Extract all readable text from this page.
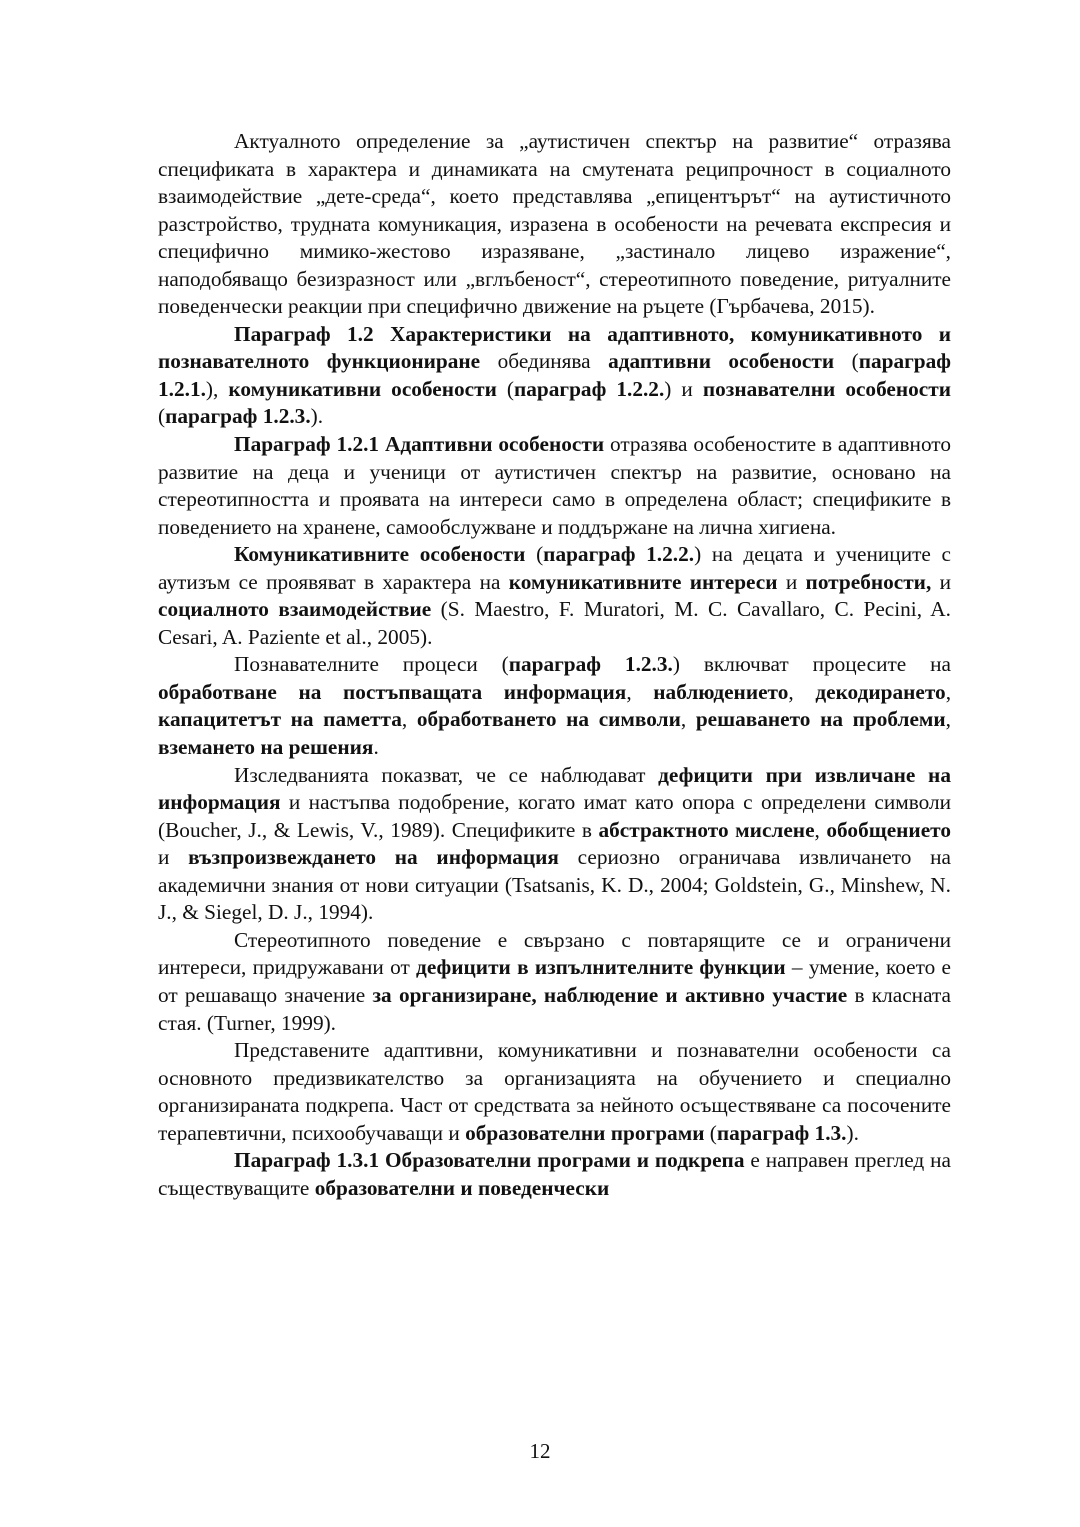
Актуалното определение за „аутистичен спектър на развитие“ отразява спецификата в характера и динамиката на смутената реципрочност в социалното взаимодействие „дете-среда“, което представлява „епицентърът“ на аутистичното разстройство, трудната комуникация, изразена в особености на речевата експресия и специфично мимико-жестово изразяване, „застинало лицево изражение“, наподобяващо безизразност или „вглъбеност“, стереотипното поведение, ритуалните поведенчески реакции при специфично движение на ръцете (Гърбачева, 2015).

Параграф 1.2 Характеристики на адаптивното, комуникативното и познавателното функциониране обединява адаптивни особености (параграф 1.2.1.), комуникативни особености (параграф 1.2.2.) и познавателни особености (параграф 1.2.3.).

Параграф 1.2.1 Адаптивни особености отразява особеностите в адаптивното развитие на деца и ученици от аутистичен спектър на развитие, основано на стереотипността и проявата на интереси само в определена област; спецификите в поведението на хранене, самообслужване и поддържане на лична хигиена.

Комуникативните особености (параграф 1.2.2.) на децата и учениците с аутизъм се проявяват в характера на комуникативните интереси и потребности, и социалното взаимодействие (S. Maestro, F. Muratori, M. C. Cavallaro, C. Pecini, A. Cesari, A. Paziente et al., 2005).

Познавателните процеси (параграф 1.2.3.) включват процесите на обработване на постъпващата информация, наблюдението, декодирането, капацитетът на паметта, обработването на символи, решаването на проблеми, вземането на решения.

Изследванията показват, че се наблюдават дефицити при извличане на информация и настъпва подобрение, когато имат като опора с определени символи (Boucher, J., & Lewis, V., 1989). Спецификите в абстрактното мислене, обобщението и възпроизвеждането на информация сериозно ограничава извличането на академични знания от нови ситуации (Tsatsanis, K. D., 2004; Goldstein, G., Minshew, N. J., & Siegel, D. J., 1994).

Стереотипното поведение е свързано с повтарящите се и ограничени интереси, придружавани от дефицити в изпълнителните функции – умение, което е от решаващо значение за организиране, наблюдение и активно участие в класната стая. (Turner, 1999).

Представените адаптивни, комуникативни и познавателни особености са основното предизвикателство за организацията на обучението и специално организираната подкрепа. Част от средствата за нейното осъществяване са посочените терапевтични, психообучаващи и образователни програми (параграф 1.3.).

Параграф 1.3.1 Образователни програми и подкрепа е направен преглед на съществуващите образователни и поведенчески

12
